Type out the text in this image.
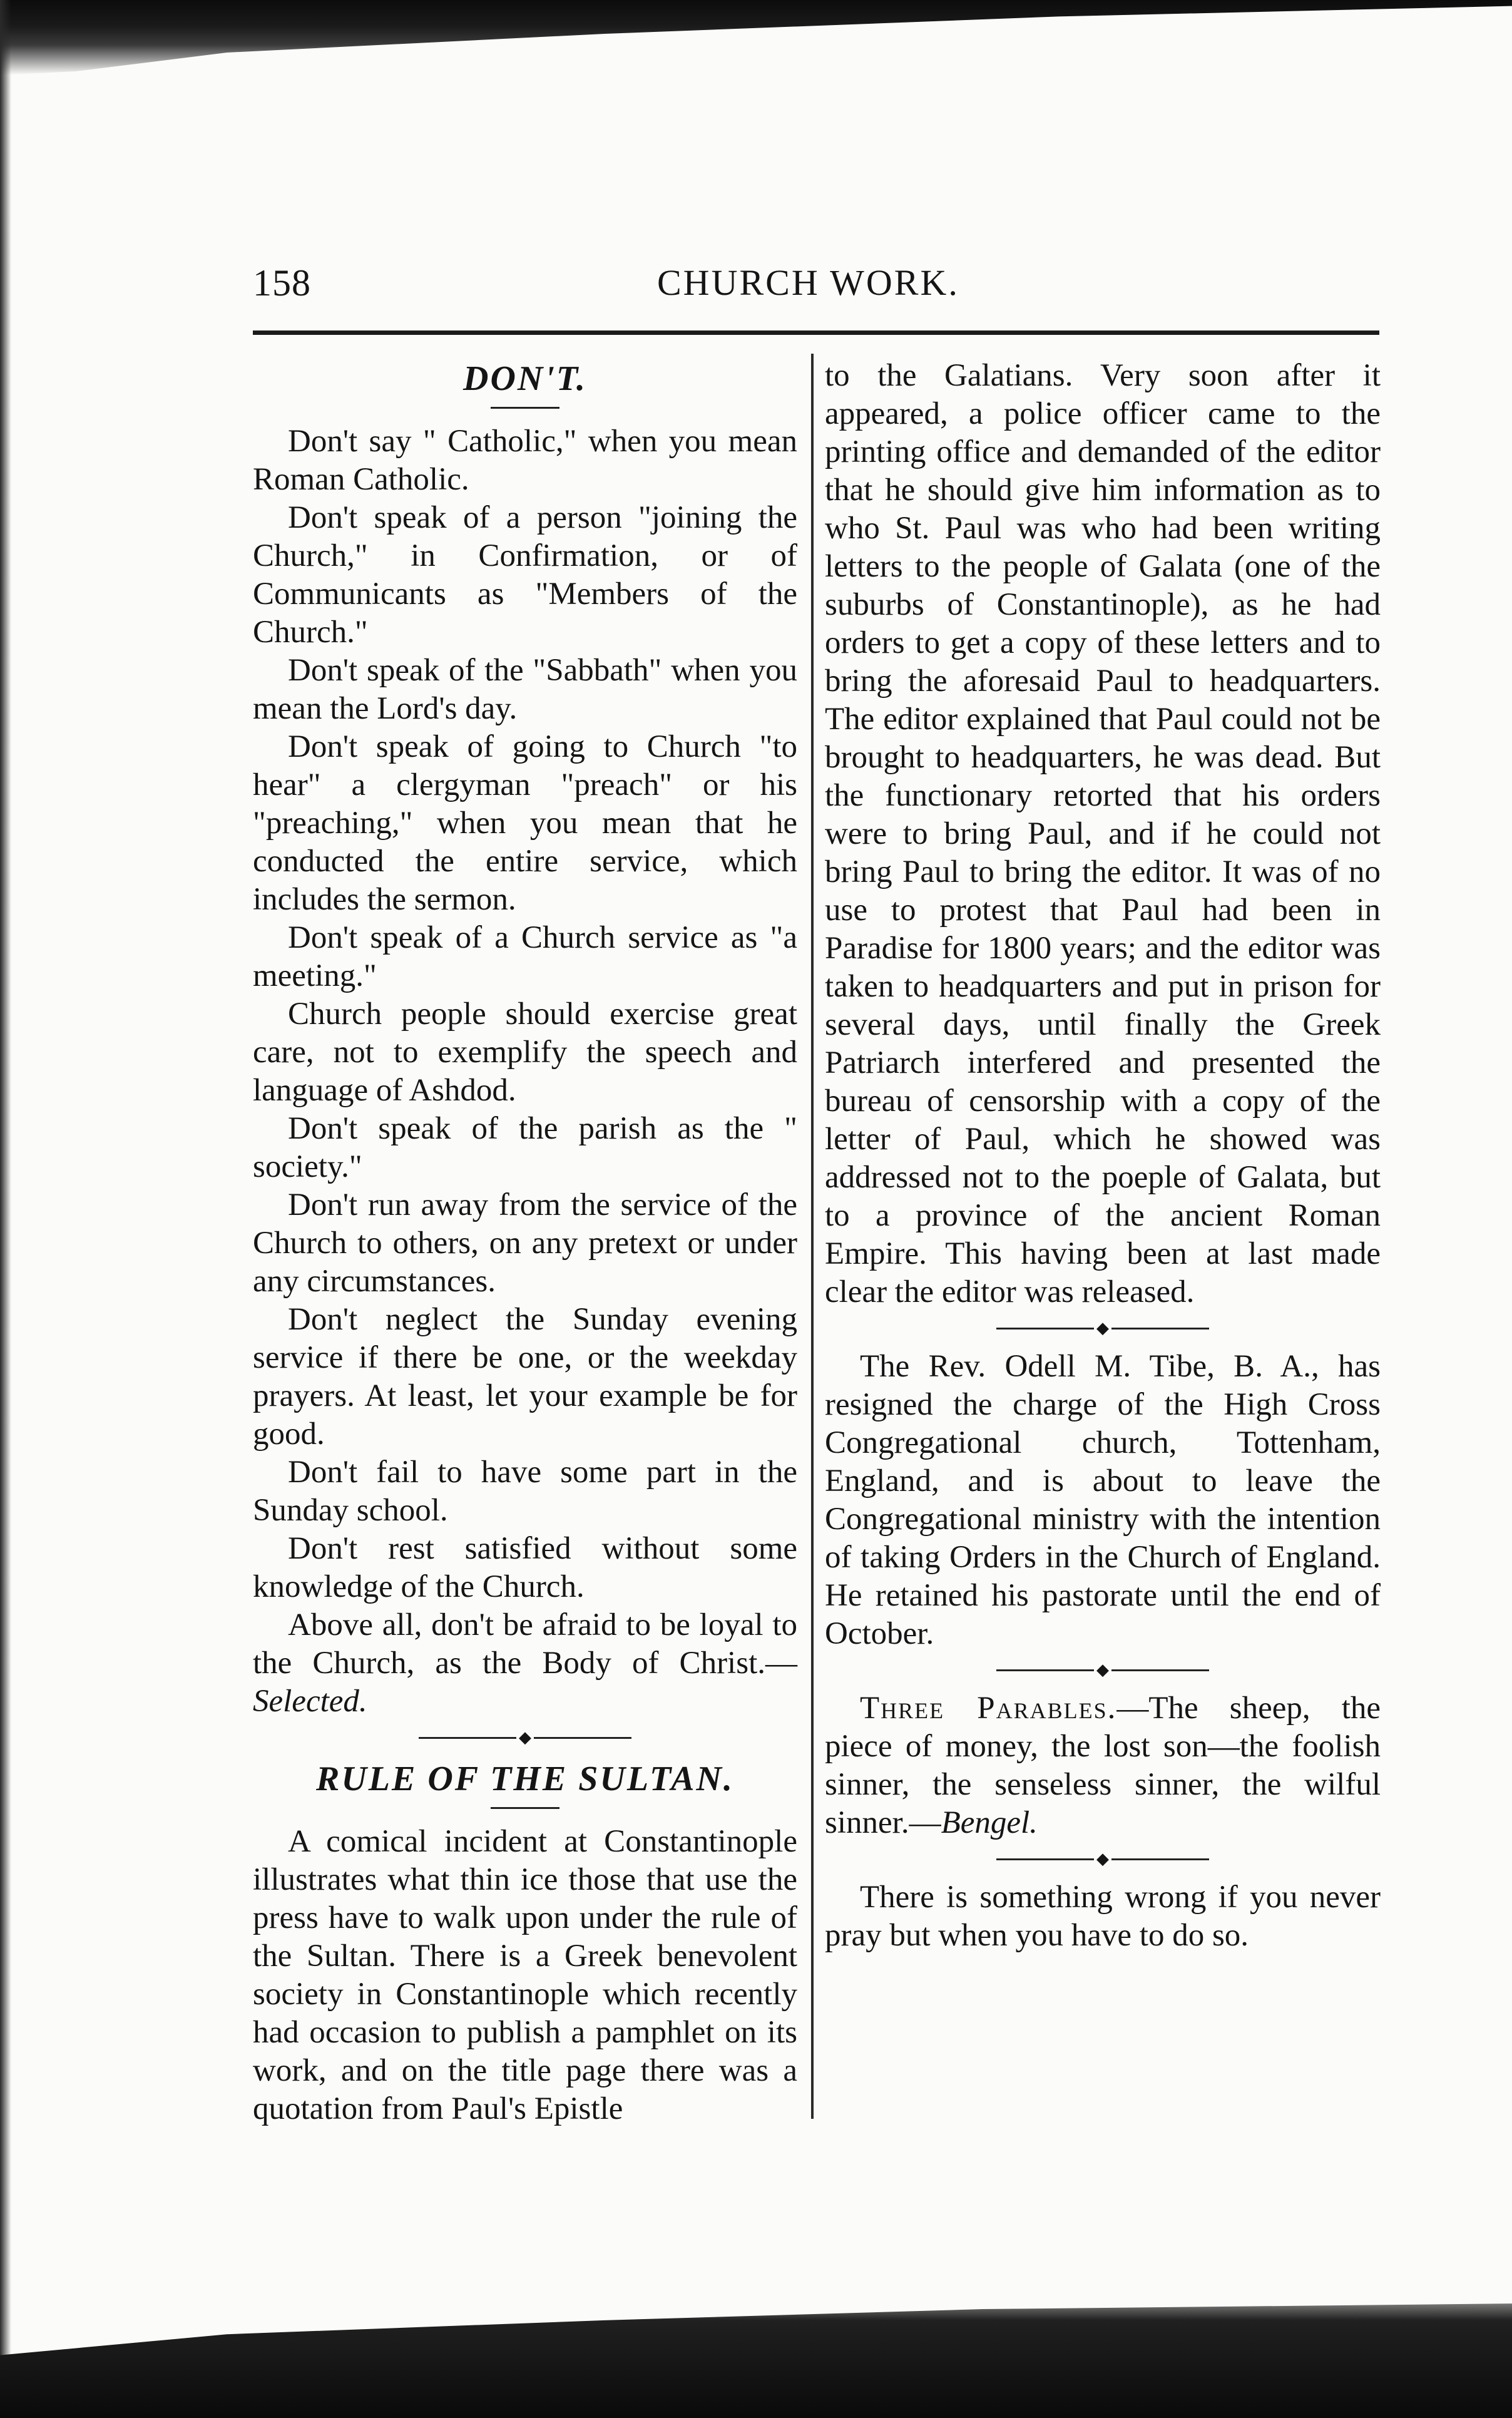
158	CHURCH WORK.
DON'T.

Don't say " Catholic," when you mean Roman Catholic.

Don't speak of a person "joining the Church," in Confirmation, or of Communicants as "Members of the Church."

Don't speak of the "Sabbath" when you mean the Lord's day.

Don't speak of going to Church "to hear" a clergyman "preach" or his "preaching," when you mean that he conducted the entire service, which includes the sermon.

Don't speak of a Church service as "a meeting."

Church people should exercise great care, not to exemplify the speech and language of Ashdod.

Don't speak of the parish as the " society."

Don't run away from the service of the Church to others, on any pretext or under any circumstances.

Don't neglect the Sunday evening service if there be one, or the weekday prayers. At least, let your example be for good.

Don't fail to have some part in the Sunday school.

Don't rest satisfied without some knowledge of the Church.

Above all, don't be afraid to be loyal to the Church, as the Body of Christ.—Selected.

◆
RULE OF THE SULTAN.

A comical incident at Constantinople illustrates what thin ice those that use the press have to walk upon under the rule of the Sultan. There is a Greek benevolent society in Constantinople which recently had occasion to publish a pamphlet on its work, and on the title page there was a quotation from Paul's Epistle

to the Galatians. Very soon after it appeared, a police officer came to the printing office and demanded of the editor that he should give him information as to who St. Paul was who had been writing letters to the people of Galata (one of the suburbs of Constantinople), as he had orders to get a copy of these letters and to bring the aforesaid Paul to headquarters. The editor explained that Paul could not be brought to headquarters, he was dead. But the functionary retorted that his orders were to bring Paul, and if he could not bring Paul to bring the editor. It was of no use to protest that Paul had been in Paradise for 1800 years; and the editor was taken to headquarters and put in prison for several days, until finally the Greek Patriarch interfered and presented the bureau of censorship with a copy of the letter of Paul, which he showed was addressed not to the poeple of Galata, but to a province of the ancient Roman Empire. This having been at last made clear the editor was released.

◆

The Rev. Odell M. Tibe, B. A., has resigned the charge of the High Cross Congregational church, Tottenham, England, and is about to leave the Congregational ministry with the intention of taking Orders in the Church of England. He retained his pastorate until the end of October.

◆

Three Parables.—The sheep, the piece of money, the lost son—the foolish sinner, the senseless sinner, the wilful sinner.—Bengel.

◆

There is something wrong if you never pray but when you have to do so.
